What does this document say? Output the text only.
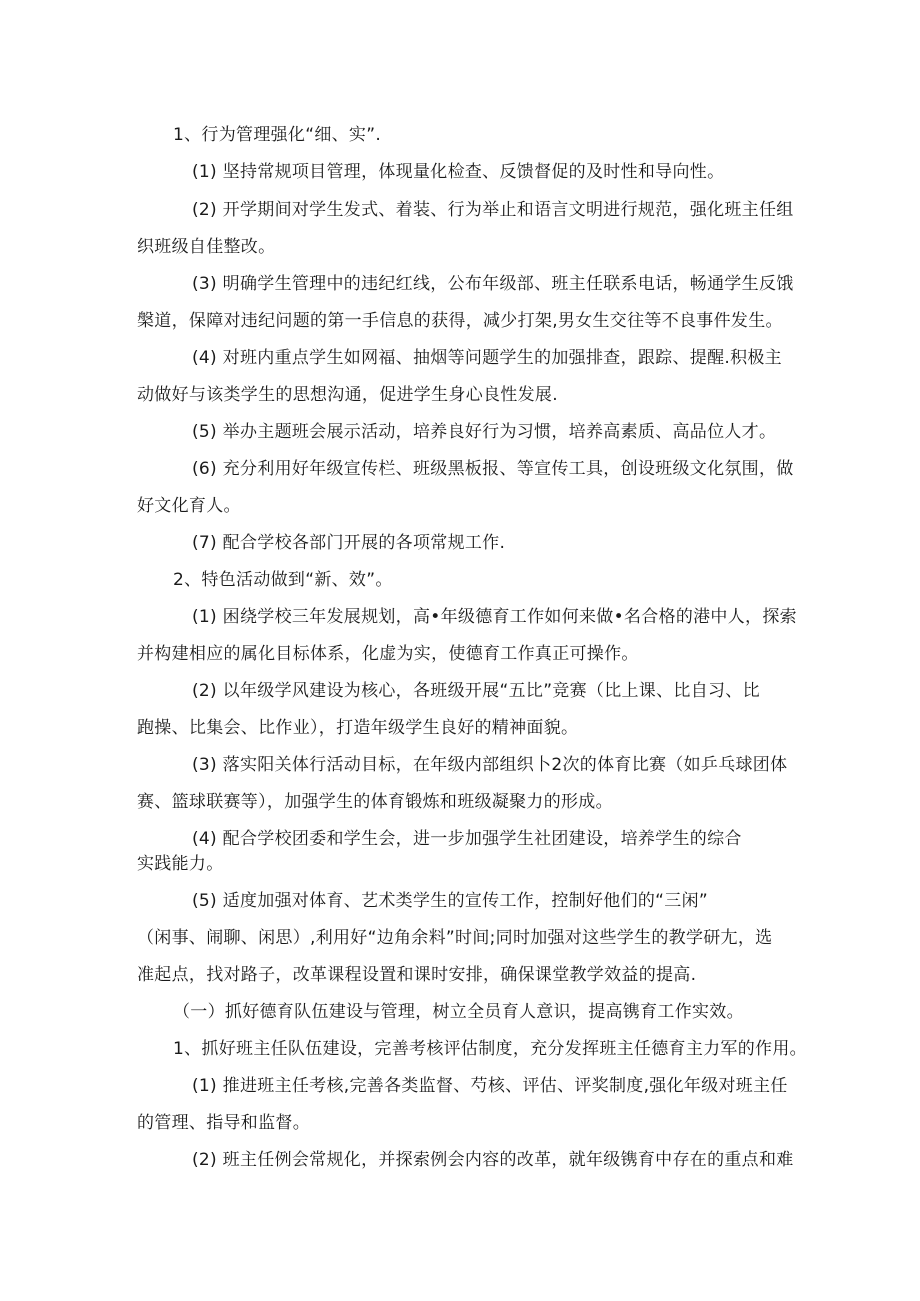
1、行为管理强化“细、实”.
(1) 坚持常规项目管理，体现量化检查、反馈督促的及时性和导向性。
(2) 开学期间对学生发式、着装、行为举止和语言文明进行规范，强化班主任组
织班级自佳整改。
(3) 明确学生管理中的违纪红线，公布年级部、班主任联系电话，畅通学生反饿
槃道，保障对违纪问题的第一手信息的获得，减少打架,男女生交往等不良事件发生。
(4) 对班内重点学生如网福、抽烟等问题学生的加强排查，跟踪、提醒.积极主
动做好与该类学生的思想沟通，促进学生身心良性发展.
(5) 举办主题班会展示活动，培养良好行为习惯，培养高素质、高品位人才。
(6) 充分利用好年级宣传栏、班级黑板报、等宣传工具，创设班级文化氛围，做
好文化育人。
(7) 配合学校各部门开展的各项常规工作.
2、特色活动做到“新、效”。
(1) 困绕学校三年发展规划，高•年级德育工作如何来做•名合格的港中人，探索
并构建相应的属化目标体系，化虚为实，使德育工作真正可操作。
(2) 以年级学风建设为核心，各班级开展“五比”竞赛（比上课、比自习、比
跑操、比集会、比作业），打造年级学生良好的精神面貌。
(3) 落实阳关体行活动目标，在年级内部组织卜2次的体育比赛（如乒乓球团体
赛、篮球联赛等），加强学生的体育锻炼和班级凝聚力的形成。
(4) 配合学校团委和学生会，进一步加强学生社团建设，培养学生的综合
实践能力。
(5) 适度加强对体育、艺术类学生的宣传工作，控制好他们的“三闲”
（闲事、闹聊、闲思）,利用好“边角余料”时间;同时加强对这些学生的教学研尢，选
准起点，找对路子，改革课程设置和课时安排，确保课堂教学效益的提高.
（一）抓好德育队伍建设与管理，树立全员育人意识，提高镌育工作实效。
1、抓好班主任队伍建设，完善考核评估制度，充分发挥班主任德育主力军的作用。
(1) 推进班主任考核,完善各类监督、芍核、评估、评奖制度,强化年级对班主任
的管理、指导和监督。
(2) 班主任例会常规化，并探索例会内容的改革，就年级镌育中存在的重点和难
